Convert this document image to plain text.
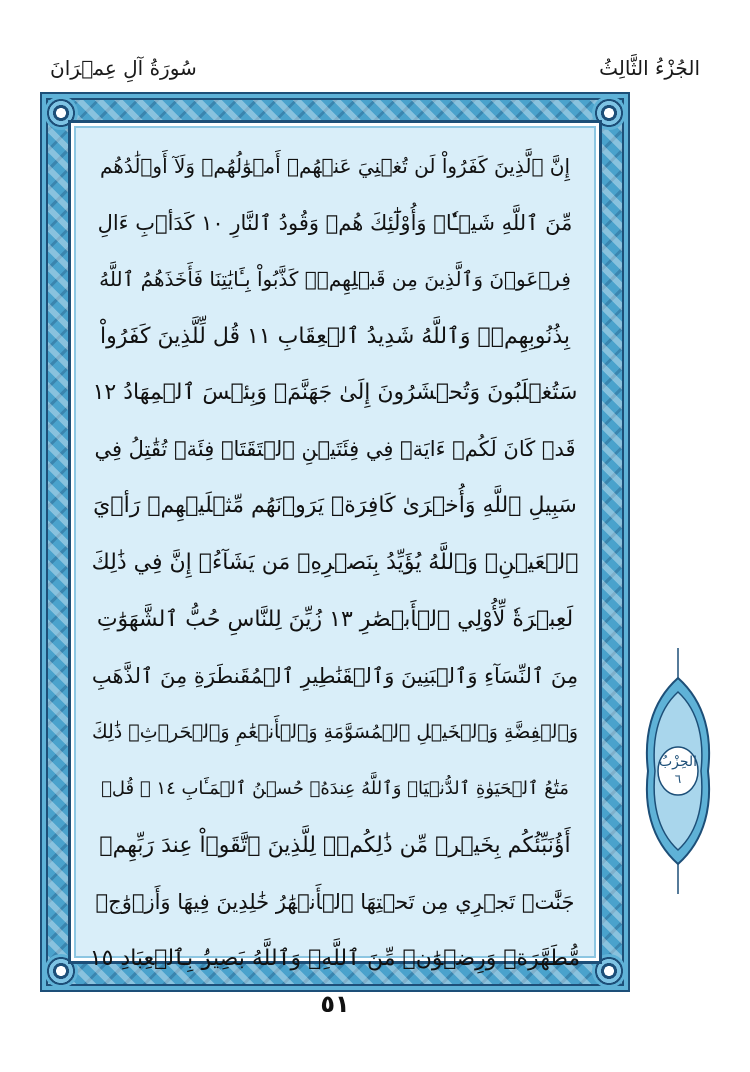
سُورَةُ آلِ عِمۡرَانَ	الجُزْءُ الثَّالِثُ
إِنَّ ٱلَّذِينَ كَفَرُواْ لَن تُغۡنِيَ عَنۡهُمۡ أَمۡوَٰلُهُمۡ وَلَآ أَوۡلَٰدُهُم
مِّنَ ٱللَّهِ شَيۡـٔٗاۖ وَأُوْلَٰٓئِكَ هُمۡ وَقُودُ ٱلنَّارِ ١٠ كَدَأۡبِ ءَالِ
فِرۡعَوۡنَ وَٱلَّذِينَ مِن قَبۡلِهِمۡۚ كَذَّبُواْ بِـَٔايَٰتِنَا فَأَخَذَهُمُ ٱللَّهُ
بِذُنُوبِهِمۡۗ وَٱللَّهُ شَدِيدُ ٱلۡعِقَابِ ١١ قُل لِّلَّذِينَ كَفَرُواْ
سَتُغۡلَبُونَ وَتُحۡشَرُونَ إِلَىٰ جَهَنَّمَۖ وَبِئۡسَ ٱلۡمِهَادُ ١٢
قَدۡ كَانَ لَكُمۡ ءَايَةٞ فِي فِئَتَيۡنِ ٱلۡتَقَتَاۖ فِئَةٞ تُقَٰتِلُ فِي
سَبِيلِ ٱللَّهِ وَأُخۡرَىٰ كَافِرَةٞ يَرَوۡنَهُم مِّثۡلَيۡهِمۡ رَأۡيَ
ٱلۡعَيۡنِۚ وَٱللَّهُ يُؤَيِّدُ بِنَصۡرِهِۦ مَن يَشَآءُۚ إِنَّ فِي ذَٰلِكَ
لَعِبۡرَةٗ لِّأُوْلِي ٱلۡأَبۡصَٰرِ ١٣ زُيِّنَ لِلنَّاسِ حُبُّ ٱلشَّهَوَٰتِ
مِنَ ٱلنِّسَآءِ وَٱلۡبَنِينَ وَٱلۡقَنَٰطِيرِ ٱلۡمُقَنطَرَةِ مِنَ ٱلذَّهَبِ
وَٱلۡفِضَّةِ وَٱلۡخَيۡلِ ٱلۡمُسَوَّمَةِ وَٱلۡأَنۡعَٰمِ وَٱلۡحَرۡثِۗ ذَٰلِكَ
مَتَٰعُ ٱلۡحَيَوٰةِ ٱلدُّنۡيَاۖ وَٱللَّهُ عِندَهُۥ حُسۡنُ ٱلۡمَـَٔابِ ١٤ ۞ قُلۡ
أَؤُنَبِّئُكُم بِخَيۡرٖ مِّن ذَٰلِكُمۡۖ لِلَّذِينَ ٱتَّقَوۡاْ عِندَ رَبِّهِمۡ
جَنَّٰتٞ تَجۡرِي مِن تَحۡتِهَا ٱلۡأَنۡهَٰرُ خَٰلِدِينَ فِيهَا وَأَزۡوَٰجٞ
مُّطَهَّرَةٞ وَرِضۡوَٰنٞ مِّنَ ٱللَّهِۗ وَٱللَّهُ بَصِيرُۢ بِٱلۡعِبَادِ ١٥
الحِزْبُ
٦
٥١
